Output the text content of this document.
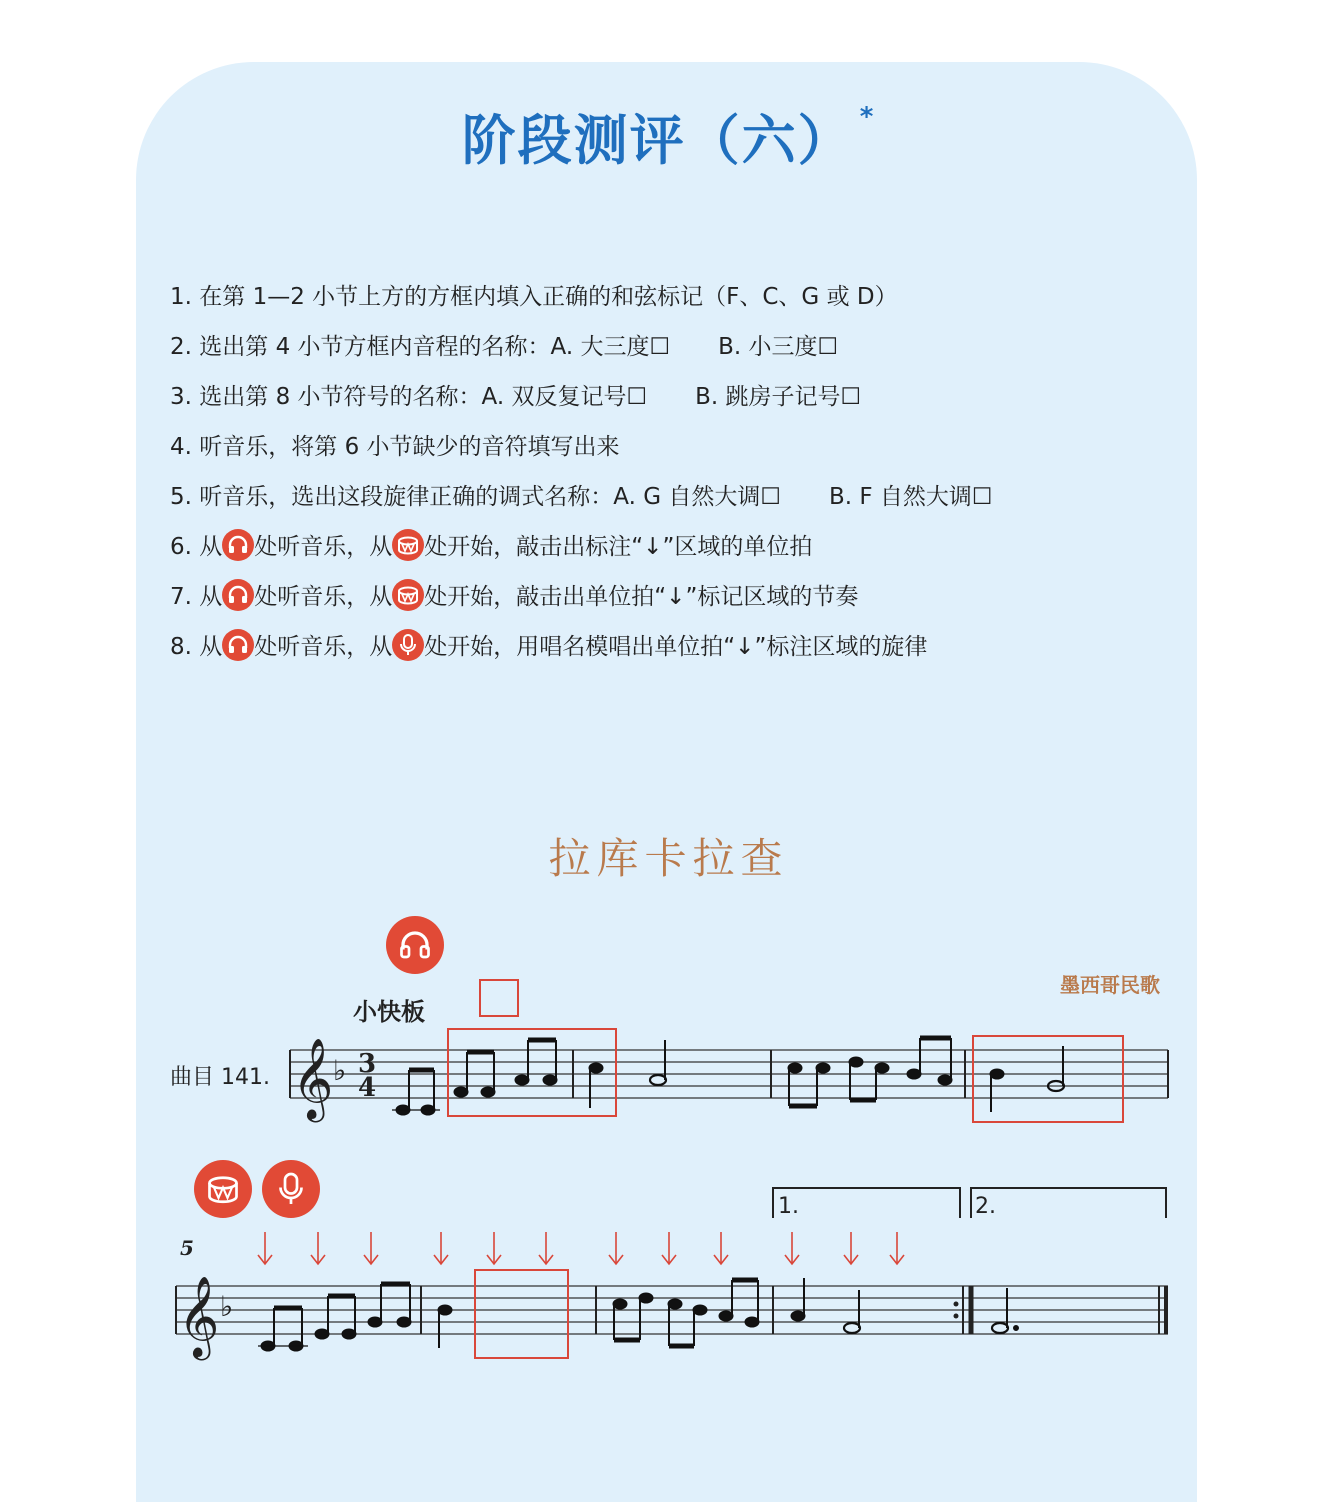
阶段测评（六） *
1. 在第 1—2 小节上方的方框内填入正确的和弦标记（F、C、G 或 D）
2. 选出第 4 小节方框内音程的名称：A. 大三度☐ B. 小三度☐
3. 选出第 8 小节符号的名称：A. 双反复记号☐ B. 跳房子记号☐
4. 听音乐，将第 6 小节缺少的音符填写出来
5. 听音乐，选出这段旋律正确的调式名称：A. G 自然大调☐ B. F 自然大调☐
6. 从 处听音乐，从 处开始，敲击出标注“↓”区域的单位拍
7. 从 处听音乐，从 处开始，敲击出单位拍“↓”标记区域的节奏
8. 从 处听音乐，从 处开始，用唱名模唱出单位拍“↓”标注区域的旋律
拉库卡拉查
小快板
墨西哥民歌
曲目 141.
5
1.	2.
𝄞 ♭ 3
4
𝄞 ♭
